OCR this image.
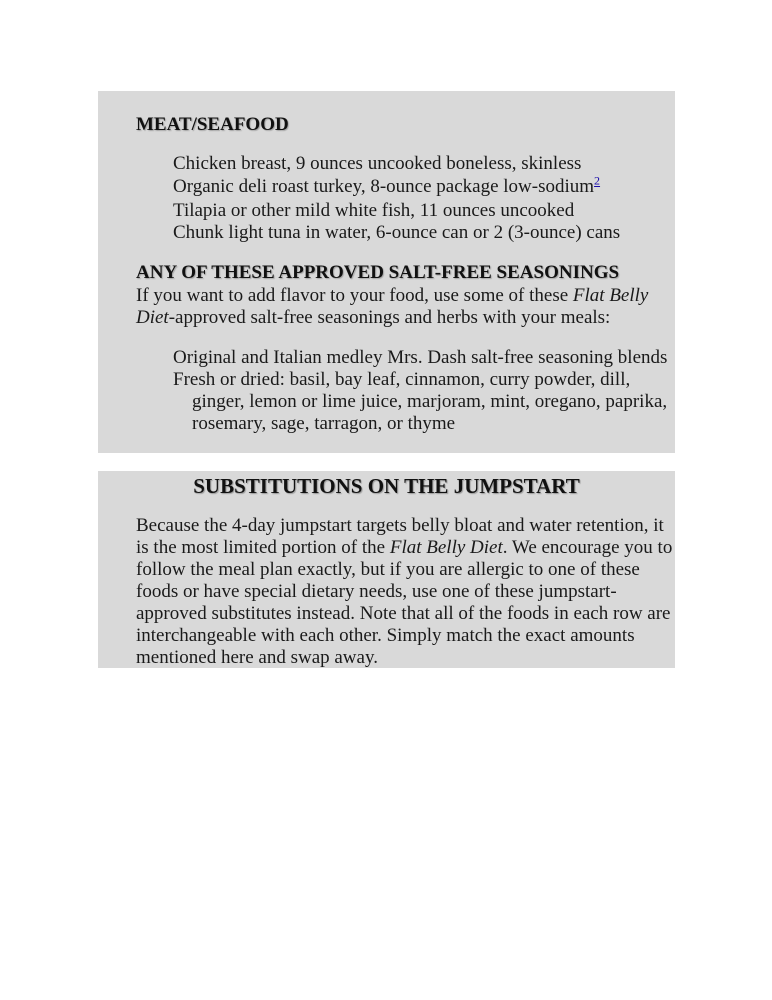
MEAT/SEAFOOD
Chicken breast, 9 ounces uncooked boneless, skinless
Organic deli roast turkey, 8-ounce package low-sodium$^2$
Tilapia or other mild white fish, 11 ounces uncooked
Chunk light tuna in water, 6-ounce can or 2 (3-ounce) cans
ANY OF THESE APPROVED SALT-FREE SEASONINGS
If you want to add flavor to your food, use some of these Flat Belly
Diet-approved salt-free seasonings and herbs with your meals:
Original and Italian medley Mrs. Dash salt-free seasoning blends
Fresh or dried: basil, bay leaf, cinnamon, curry powder, dill,
ginger, lemon or lime juice, marjoram, mint, oregano, paprika,
rosemary, sage, tarragon, or thyme
SUBSTITUTIONS ON THE JUMPSTART
Because the 4-day jumpstart targets belly bloat and water retention, it
is the most limited portion of the Flat Belly Diet. We encourage you to
follow the meal plan exactly, but if you are allergic to one of these
foods or have special dietary needs, use one of these jumpstart-
approved substitutes instead. Note that all of the foods in each row are
interchangeable with each other. Simply match the exact amounts
mentioned here and swap away.
